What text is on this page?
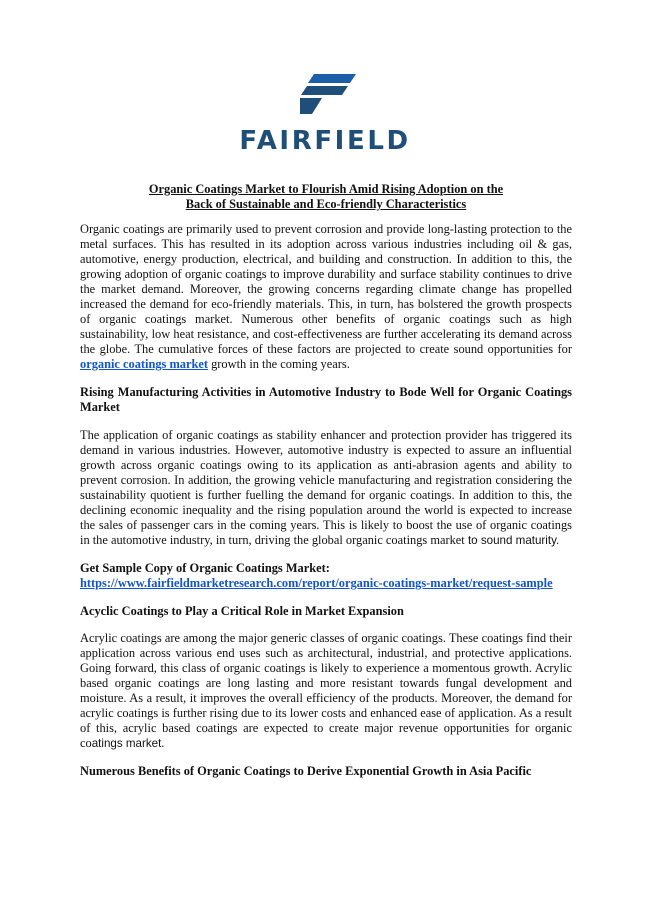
FAIRFIELD
Organic Coatings Market to Flourish Amid Rising Adoption on the
Back of Sustainable and Eco-friendly Characteristics

Organic coatings are primarily used to prevent corrosion and provide long-lasting protection to the metal surfaces. This has resulted in its adoption across various industries including oil & gas, automotive, energy production, electrical, and building and construction. In addition to this, the growing adoption of organic coatings to improve durability and surface stability continues to drive the market demand. Moreover, the growing concerns regarding climate change has propelled increased the demand for eco-friendly materials. This, in turn, has bolstered the growth prospects of organic coatings market. Numerous other benefits of organic coatings such as high sustainability, low heat resistance, and cost-effectiveness are further accelerating its demand across the globe. The cumulative forces of these factors are projected to create sound opportunities for organic coatings market growth in the coming years.

Rising Manufacturing Activities in Automotive Industry to Bode Well for Organic Coatings Market

The application of organic coatings as stability enhancer and protection provider has triggered its demand in various industries. However, automotive industry is expected to assure an influential growth across organic coatings owing to its application as anti-abrasion agents and ability to prevent corrosion. In addition, the growing vehicle manufacturing and registration considering the sustainability quotient is further fuelling the demand for organic coatings. In addition to this, the declining economic inequality and the rising population around the world is expected to increase the sales of passenger cars in the coming years. This is likely to boost the use of organic coatings in the automotive industry, in turn, driving the global organic coatings market to sound maturity.

Get Sample Copy of Organic Coatings Market:
https://www.fairfieldmarketresearch.com/report/organic-coatings-market/request-sample

Acyclic Coatings to Play a Critical Role in Market Expansion

Acrylic coatings are among the major generic classes of organic coatings. These coatings find their application across various end uses such as architectural, industrial, and protective applications. Going forward, this class of organic coatings is likely to experience a momentous growth. Acrylic based organic coatings are long lasting and more resistant towards fungal development and moisture. As a result, it improves the overall efficiency of the products. Moreover, the demand for acrylic coatings is further rising due to its lower costs and enhanced ease of application. As a result of this, acrylic based coatings are expected to create major revenue opportunities for organic coatings market.

Numerous Benefits of Organic Coatings to Derive Exponential Growth in Asia Pacific
